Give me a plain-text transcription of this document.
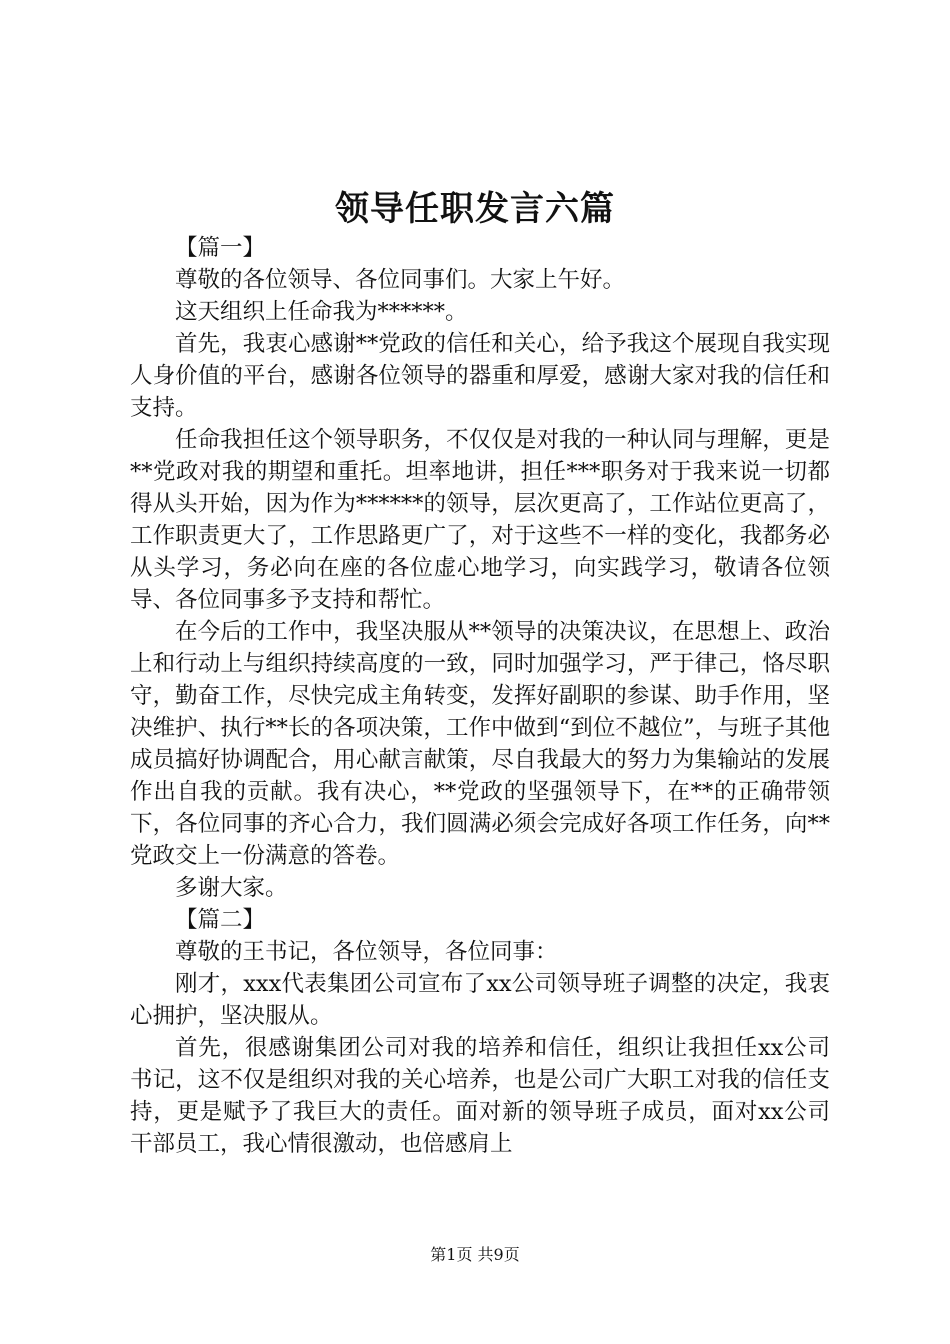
领导任职发言六篇

【篇一】

尊敬的各位领导、各位同事们。大家上午好。

这天组织上任命我为******。

首先，我衷心感谢**党政的信任和关心，给予我这个展现自我实现人身价值的平台，感谢各位领导的器重和厚爱，感谢大家对我的信任和支持。

任命我担任这个领导职务，不仅仅是对我的一种认同与理解，更是**党政对我的期望和重托。坦率地讲，担任***职务对于我来说一切都得从头开始，因为作为******的领导，层次更高了，工作站位更高了，工作职责更大了，工作思路更广了，对于这些不一样的变化，我都务必从头学习，务必向在座的各位虚心地学习，向实践学习，敬请各位领导、各位同事多予支持和帮忙。

在今后的工作中，我坚决服从**领导的决策决议，在思想上、政治上和行动上与组织持续高度的一致，同时加强学习，严于律己，恪尽职守，勤奋工作，尽快完成主角转变，发挥好副职的参谋、助手作用，坚决维护、执行**长的各项决策，工作中做到“到位不越位”，与班子其他成员搞好协调配合，用心献言献策，尽自我最大的努力为集输站的发展作出自我的贡献。我有决心，**党政的坚强领导下，在**的正确带领下，各位同事的齐心合力，我们圆满必须会完成好各项工作任务，向**党政交上一份满意的答卷。

多谢大家。

【篇二】

尊敬的王书记，各位领导，各位同事：

刚才，xxx代表集团公司宣布了xx公司领导班子调整的决定，我衷心拥护，坚决服从。

首先，很感谢集团公司对我的培养和信任，组织让我担任xx公司书记，这不仅是组织对我的关心培养，也是公司广大职工对我的信任支持，更是赋予了我巨大的责任。面对新的领导班子成员，面对xx公司干部员工，我心情很激动，也倍感肩上

第1页 共9页
